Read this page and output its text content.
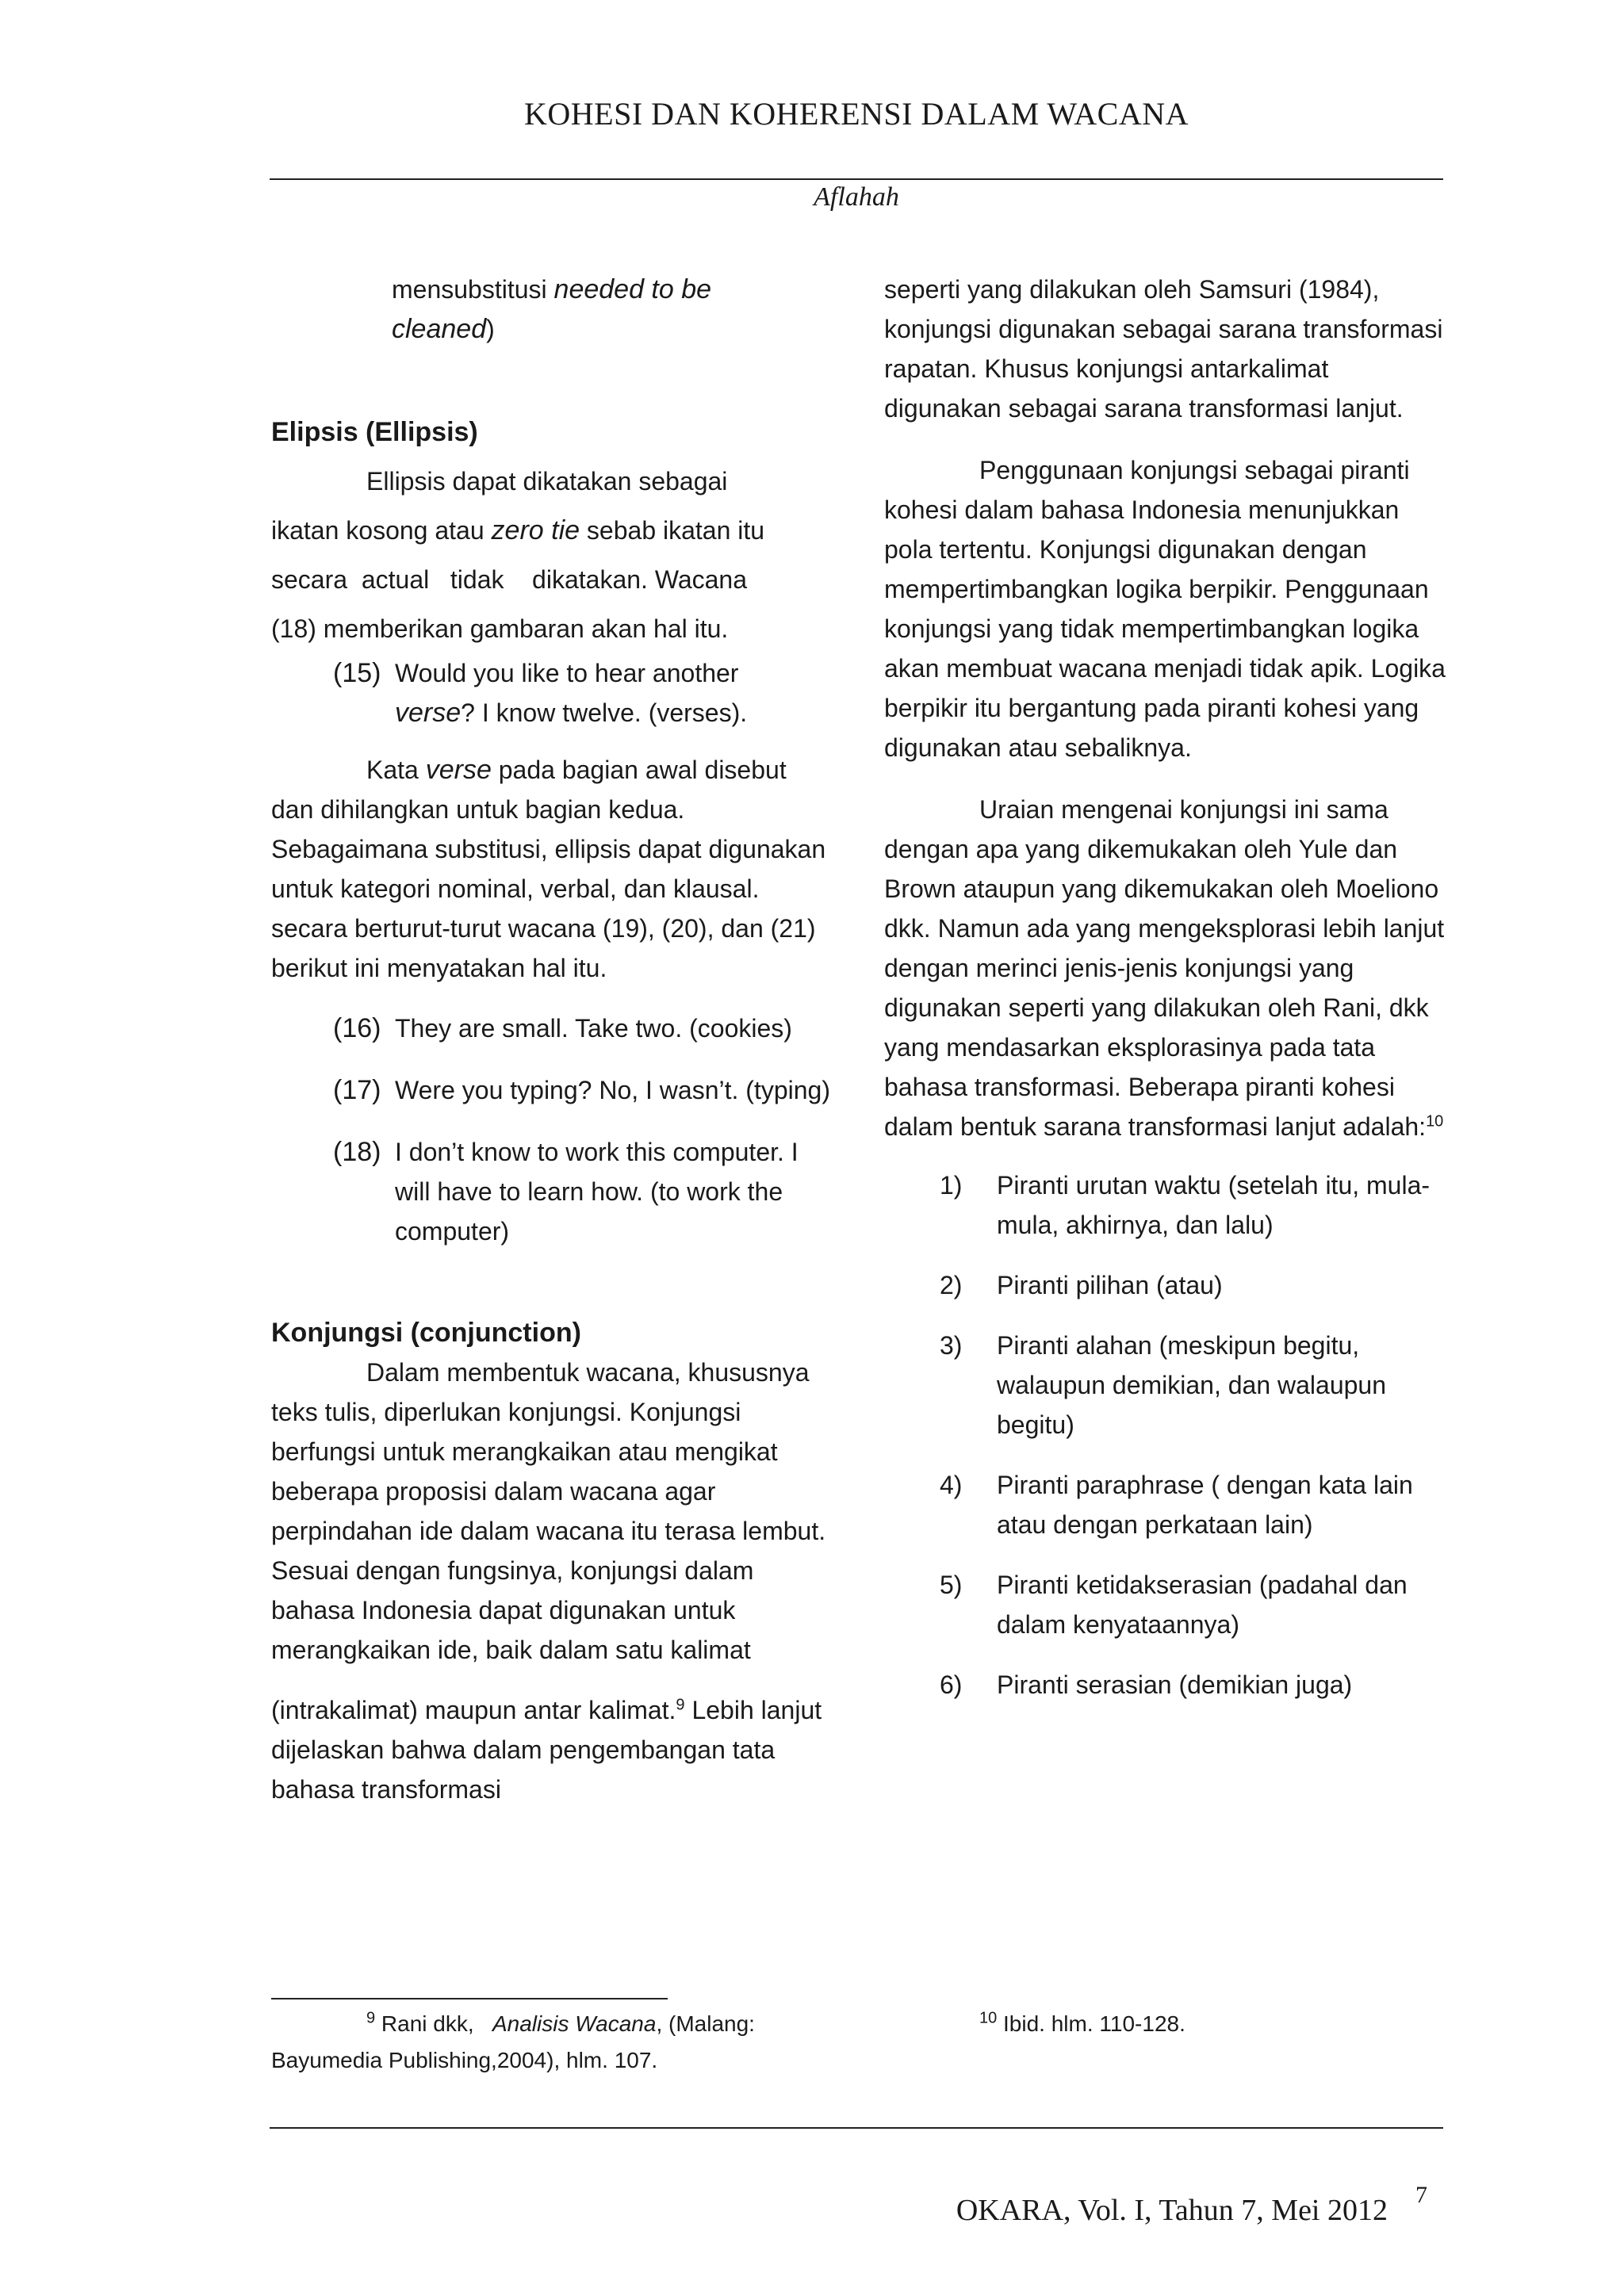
KOHESI DAN KOHERENSI DALAM WACANA
Aflahah

mensubstitusi needed to be
cleaned)

Elipsis (Ellipsis)
Ellipsis dapat dikatakan sebagai
ikatan kosong atau zero tie sebab ikatan itu
secara  actual   tidak    dikatakan. Wacana
(18) memberikan gambaran akan hal itu.
(15) Would you like to hear another
verse? I know twelve. (verses).

Kata verse pada bagian awal disebut dan dihilangkan untuk bagian kedua. Sebagaimana substitusi, ellipsis dapat digunakan untuk kategori nominal, verbal, dan klausal. secara berturut-turut wacana (19), (20), dan (21) berikut ini menyatakan hal itu.

(16) They are small. Take two. (cookies)
(17) Were you typing? No, I wasn’t. (typing)
(18) I don’t know to work this computer. I will have to learn how. (to work the computer)
Konjungsi (conjunction)

Dalam membentuk wacana, khususnya teks tulis, diperlukan konjungsi. Konjungsi berfungsi untuk merangkaikan atau mengikat beberapa proposisi dalam wacana agar perpindahan ide dalam wacana itu terasa lembut. Sesuai dengan fungsinya, konjungsi dalam bahasa Indonesia dapat digunakan untuk merangkaikan ide, baik dalam satu kalimat

(intrakalimat) maupun antar kalimat.$^9$ Lebih lanjut dijelaskan bahwa dalam pengembangan tata bahasa transformasi

seperti yang dilakukan oleh Samsuri (1984), konjungsi digunakan sebagai sarana transformasi rapatan. Khusus konjungsi antarkalimat digunakan sebagai sarana transformasi lanjut.

Penggunaan konjungsi sebagai piranti kohesi dalam bahasa Indonesia menunjukkan pola tertentu. Konjungsi digunakan dengan mempertimbangkan logika berpikir. Penggunaan konjungsi yang tidak mempertimbangkan logika akan membuat wacana menjadi tidak apik. Logika berpikir itu bergantung pada piranti kohesi yang digunakan atau sebaliknya.

Uraian mengenai konjungsi ini sama dengan apa yang dikemukakan oleh Yule dan Brown ataupun yang dikemukakan oleh Moeliono dkk. Namun ada yang mengeksplorasi lebih lanjut dengan merinci jenis-jenis konjungsi yang digunakan seperti yang dilakukan oleh Rani, dkk yang mendasarkan eksplorasinya pada tata bahasa transformasi. Beberapa piranti kohesi dalam bentuk sarana transformasi lanjut adalah:$^{10}$

1)	Piranti urutan waktu (setelah itu, mula-mula, akhirnya, dan lalu)
2)	Piranti pilihan (atau)
3)	Piranti alahan (meskipun begitu, walaupun demikian, dan walaupun begitu)
4)	Piranti paraphrase ( dengan kata lain atau dengan perkataan lain)
5)	Piranti ketidakserasian (padahal dan dalam kenyataannya)
6)	Piranti serasian (demikian juga)
$^9$ Rani dkk,   Analisis Wacana, (Malang:
Bayumedia Publishing,2004), hlm. 107.
$^{10}$ Ibid. hlm. 110-128.
OKARA, Vol. I, Tahun 7, Mei 2012 7
